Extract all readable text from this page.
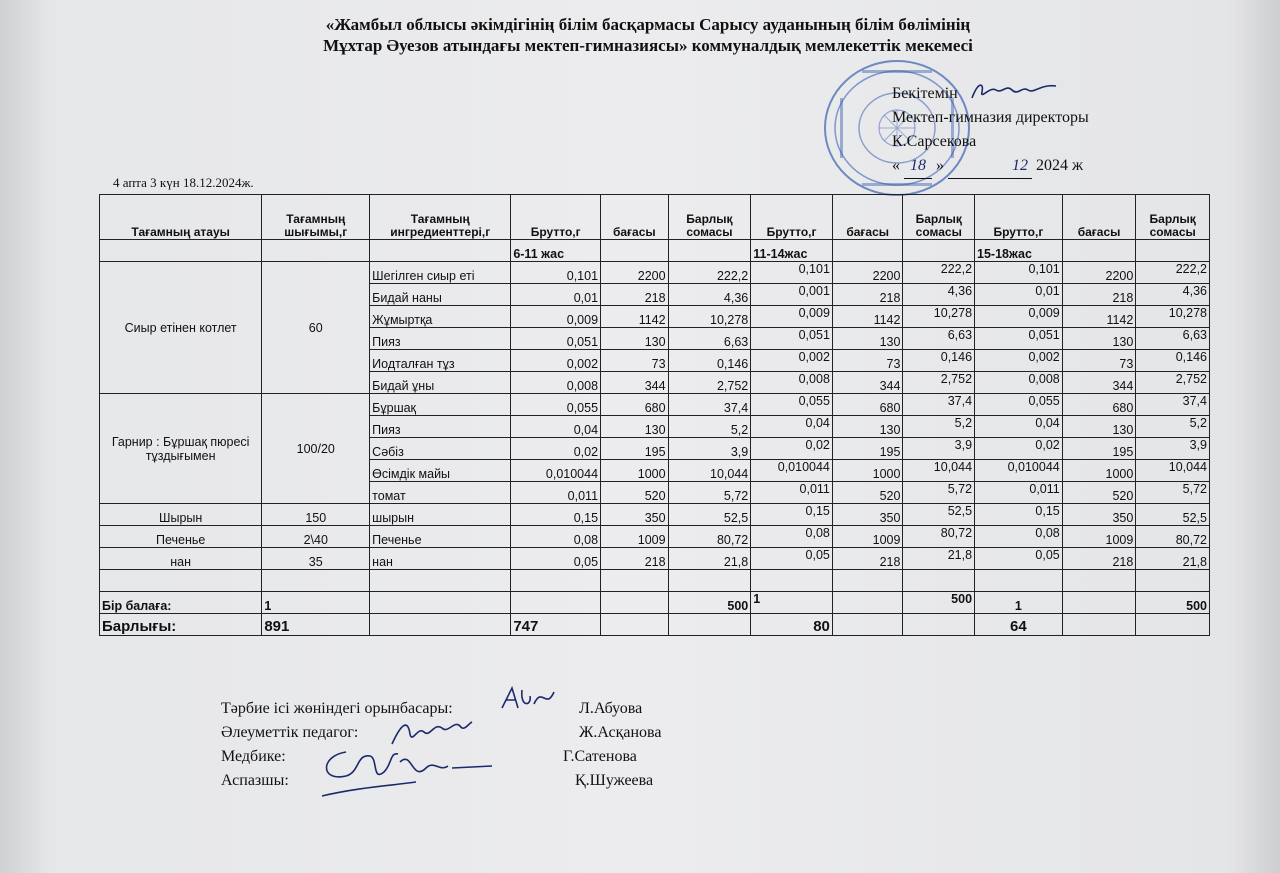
«Жамбыл облысы әкімдігінің білім басқармасы Сарысу ауданының білім бөлімінің
Мұхтар Әуезов атындағы мектеп-гимназиясы» коммуналдық мемлекеттік мекемесі
Бекітемін
Мектеп-гимназия директоры
К.Сарсекова
« 18 »	12 2024 ж
4 апта 3 күн 18.12.2024ж.
Тағамның атауы	Тағамның шығымы,г	Тағамның ингредиенттері,г	Брутто,г	бағасы	Барлық сомасы	Брутто,г	бағасы	Барлық сомасы	Брутто,г	бағасы	Барлық сомасы
			6-11 жас			11-14жас			15-18жас		
Сиыр етінен котлет	60	Шегілген сиыр еті	0,101	2200	222,2	0,101	2200	222,2	0,101	2200	222,2
		Бидай наны	0,01	218	4,36	0,001	218	4,36	0,01	218	4,36
		Жұмыртқа	0,009	1142	10,278	0,009	1142	10,278	0,009	1142	10,278
		Пияз	0,051	130	6,63	0,051	130	6,63	0,051	130	6,63
		Иодталған тұз	0,002	73	0,146	0,002	73	0,146	0,002	73	0,146
		Бидай ұны	0,008	344	2,752	0,008	344	2,752	0,008	344	2,752
Гарнир : Бұршақ пюресі тұздығымен	100/20	Бұршақ	0,055	680	37,4	0,055	680	37,4	0,055	680	37,4
		Пияз	0,04	130	5,2	0,04	130	5,2	0,04	130	5,2
		Сәбіз	0,02	195	3,9	0,02	195	3,9	0,02	195	3,9
		Өсімдік майы	0,010044	1000	10,044	0,010044	1000	10,044	0,010044	1000	10,044
		томат	0,011	520	5,72	0,011	520	5,72	0,011	520	5,72
Шырын	150	шырын	0,15	350	52,5	0,15	350	52,5	0,15	350	52,5
Печенье	2\40	Печенье	0,08	1009	80,72	0,08	1009	80,72	0,08	1009	80,72
нан	35	нан	0,05	218	21,8	0,05	218	21,8	0,05	218	21,8

Бір балаға:	1				500	1		500	1		500
Барлығы:	891		747			80			64		
Тәрбие ісі жөніндегі орынбасары:	Л.Абуова
Әлеуметтік педагог:	Ж.Асқанова
Медбике:	Г.Сатенова
Аспазшы:	Қ.Шужеева
